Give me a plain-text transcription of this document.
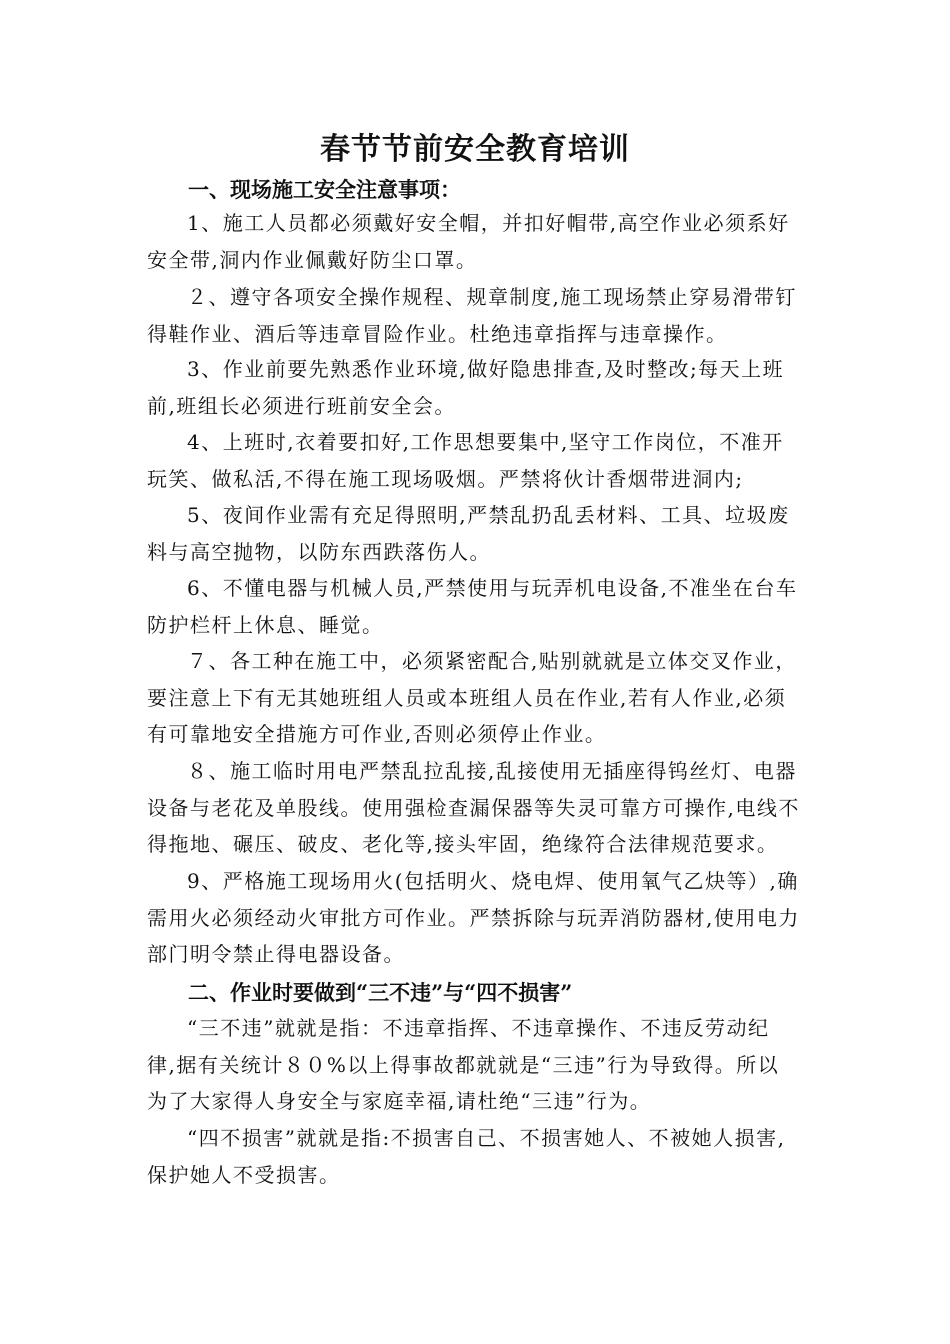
春节节前安全教育培训
一、现场施工安全注意事项：
1、施工人员都必须戴好安全帽，并扣好帽带,高空作业必须系好
安全带,洞内作业佩戴好防尘口罩。
２、遵守各项安全操作规程、规章制度,施工现场禁止穿易滑带钉
得鞋作业、酒后等违章冒险作业。杜绝违章指挥与违章操作。
3、作业前要先熟悉作业环境,做好隐患排查,及时整改;每天上班
前,班组长必须进行班前安全会。
4、上班时,衣着要扣好,工作思想要集中,坚守工作岗位，不准开
玩笑、做私活,不得在施工现场吸烟。严禁将伙计香烟带进洞内;
5、夜间作业需有充足得照明,严禁乱扔乱丢材料、工具、垃圾废
料与高空抛物，以防东西跌落伤人。
6、不懂电器与机械人员,严禁使用与玩弄机电设备,不准坐在台车
防护栏杆上休息、睡觉。
７、各工种在施工中，必须紧密配合,贴别就就是立体交叉作业，
要注意上下有无其她班组人员或本班组人员在作业,若有人作业,必须
有可靠地安全措施方可作业,否则必须停止作业。
８、施工临时用电严禁乱拉乱接,乱接使用无插座得钨丝灯、电器
设备与老花及单股线。使用强检查漏保器等失灵可靠方可操作,电线不
得拖地、碾压、破皮、老化等,接头牢固，绝缘符合法律规范要求。
9、严格施工现场用火(包括明火、烧电焊、使用氧气乙炔等）,确
需用火必须经动火审批方可作业。严禁拆除与玩弄消防器材,使用电力
部门明令禁止得电器设备。
二、作业时要做到“三不违”与“四不损害”
“三不违”就就是指：不违章指挥、不违章操作、不违反劳动纪
律,据有关统计８０%以上得事故都就就是“三违”行为导致得。所以
为了大家得人身安全与家庭幸福,请杜绝“三违”行为。
“四不损害”就就是指:不损害自己、不损害她人、不被她人损害,
保护她人不受损害。
